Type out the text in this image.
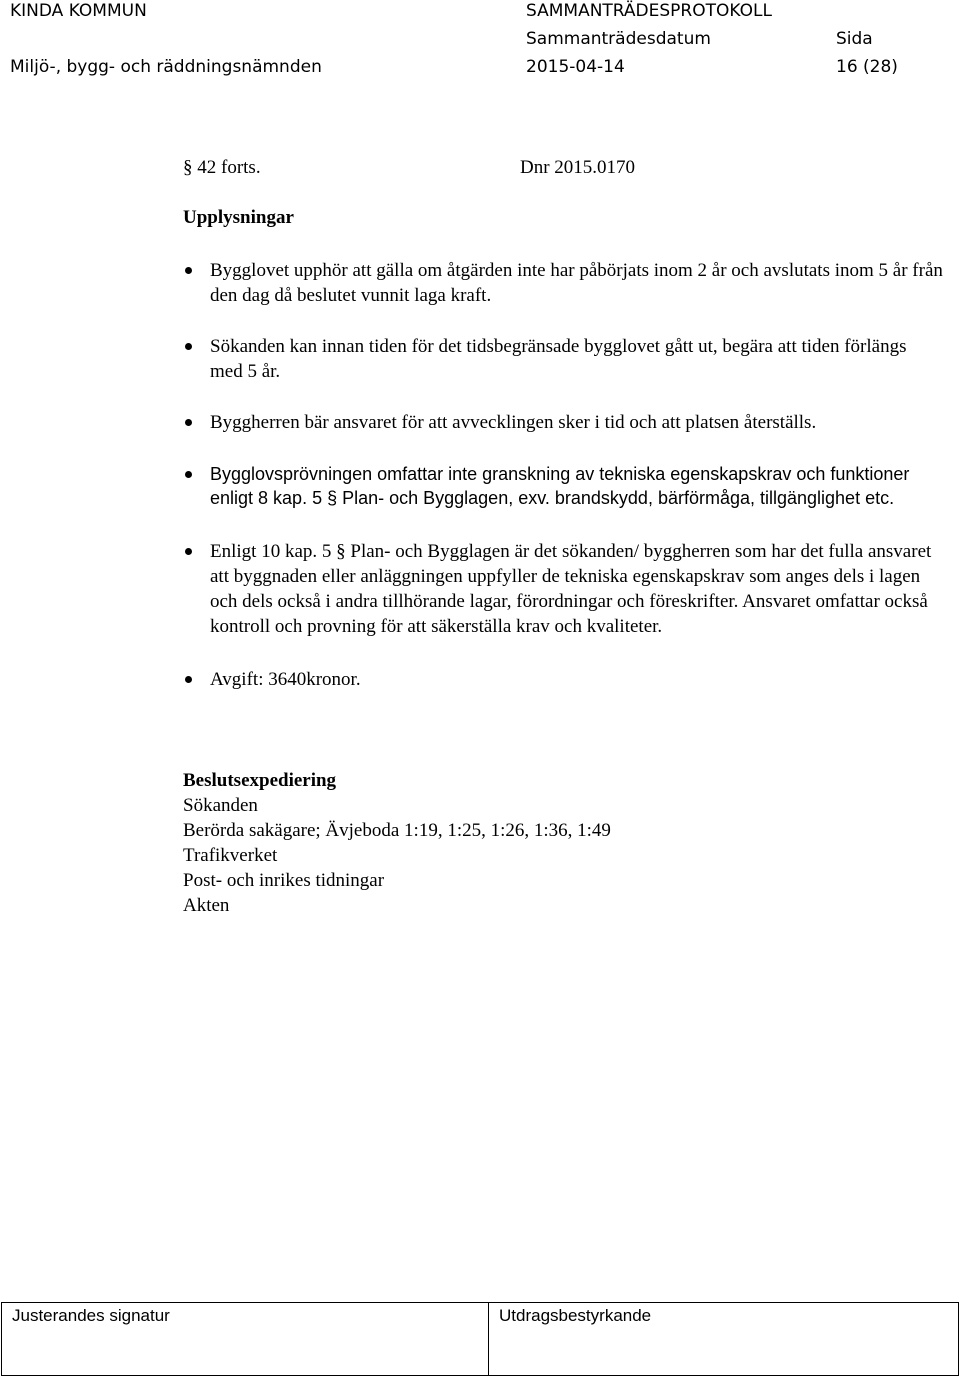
KINDA KOMMUN
Miljö-, bygg- och räddningsnämnden
SAMMANTRÄDESPROTOKOLL
Sammanträdesdatum
2015-04-14
Sida
16 (28)
§ 42 forts.	Dnr 2015.0170
Upplysningar
Bygglovet upphör att gälla om åtgärden inte har påbörjats inom 2 år och avslutats inom 5 år från den dag då beslutet vunnit laga kraft.
Sökanden kan innan tiden för det tidsbegränsade bygglovet gått ut, begära att tiden förlängs med 5 år.
Byggherren bär ansvaret för att avvecklingen sker i tid och att platsen återställs.
Bygglovsprövningen omfattar inte granskning av tekniska egenskapskrav och funktioner enligt 8 kap. 5 § Plan- och Bygglagen, exv. brandskydd, bärförmåga, tillgänglighet etc.
Enligt 10 kap. 5 § Plan- och Bygglagen är det sökanden/ byggherren som har det fulla ansvaret att byggnaden eller anläggningen uppfyller de tekniska egenskapskrav som anges dels i lagen och dels också i andra tillhörande lagar, förordningar och föreskrifter. Ansvaret omfattar också kontroll och provning för att säkerställa krav och kvaliteter.
Avgift: 3640kronor.
Beslutsexpediering
Sökanden
Berörda sakägare; Ävjeboda 1:19, 1:25, 1:26, 1:36, 1:49
Trafikverket
Post- och inrikes tidningar
Akten
Justerandes signatur	Utdragsbestyrkande
